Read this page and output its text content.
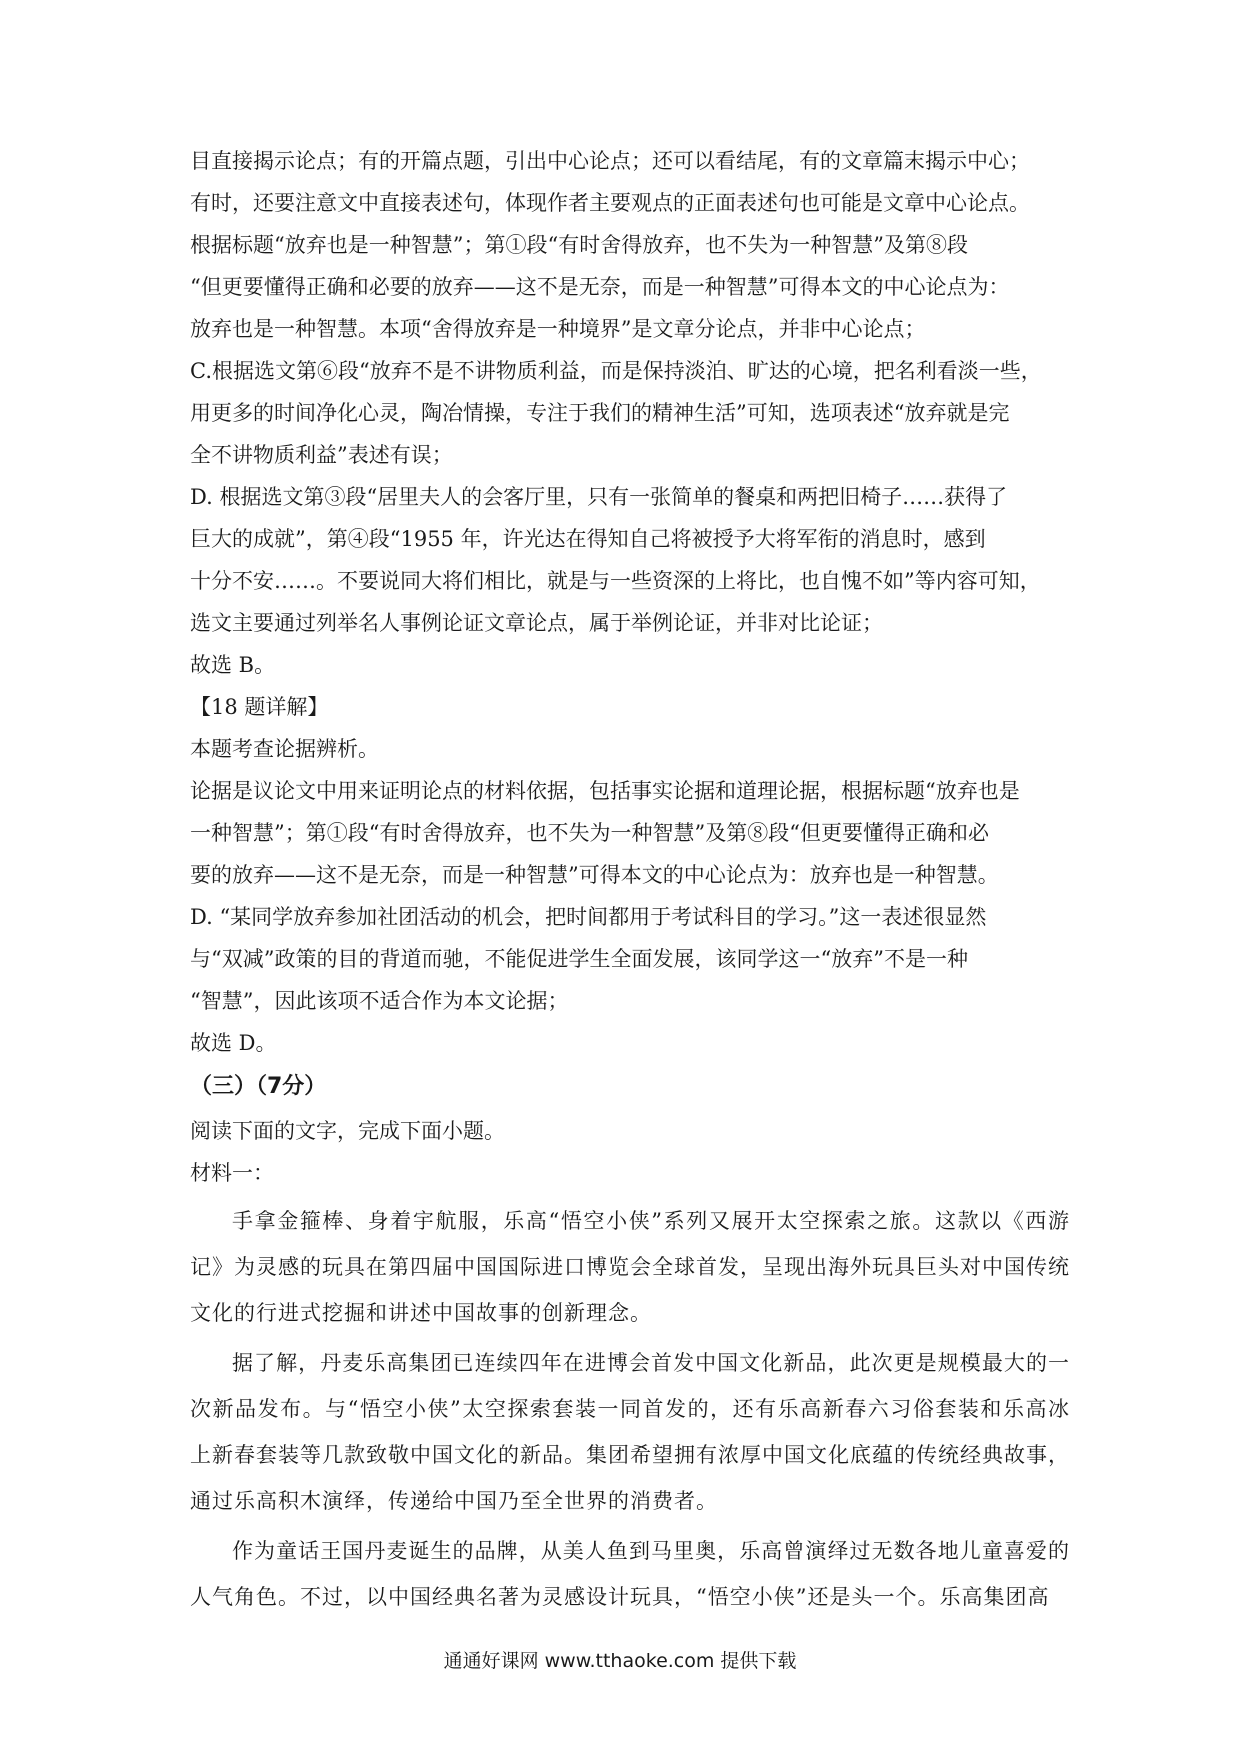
目直接揭示论点；有的开篇点题，引出中心论点；还可以看结尾，有的文章篇末揭示中心；

有时，还要注意文中直接表述句，体现作者主要观点的正面表述句也可能是文章中心论点。

根据标题“放弃也是一种智慧”；第①段“有时舍得放弃，也不失为一种智慧”及第⑧段

“但更要懂得正确和必要的放弃——这不是无奈，而是一种智慧”可得本文的中心论点为：

放弃也是一种智慧。本项“舍得放弃是一种境界”是文章分论点，并非中心论点；

C.根据选文第⑥段“放弃不是不讲物质利益，而是保持淡泊、旷达的心境，把名利看淡一些，

用更多的时间净化心灵，陶冶情操，专注于我们的精神生活”可知，选项表述“放弃就是完

全不讲物质利益”表述有误；

D. 根据选文第③段“居里夫人的会客厅里，只有一张简单的餐桌和两把旧椅子……获得了

巨大的成就”，第④段“1955 年，许光达在得知自己将被授予大将军衔的消息时，感到

十分不安……。不要说同大将们相比，就是与一些资深的上将比，也自愧不如”等内容可知，

选文主要通过列举名人事例论证文章论点，属于举例论证，并非对比论证；

故选 B。

【18 题详解】

本题考查论据辨析。

论据是议论文中用来证明论点的材料依据，包括事实论据和道理论据，根据标题“放弃也是

一种智慧”；第①段“有时舍得放弃，也不失为一种智慧”及第⑧段“但更要懂得正确和必

要的放弃——这不是无奈，而是一种智慧”可得本文的中心论点为：放弃也是一种智慧。

D. “某同学放弃参加社团活动的机会，把时间都用于考试科目的学习。”这一表述很显然

与“双减”政策的目的背道而驰，不能促进学生全面发展，该同学这一“放弃”不是一种

“智慧”，因此该项不适合作为本文论据；

故选 D。

（三）（7分）

阅读下面的文字，完成下面小题。

材料一：

手拿金箍棒、身着宇航服，乐高“悟空小侠”系列又展开太空探索之旅。这款以《西游记》为灵感的玩具在第四届中国国际进口博览会全球首发，呈现出海外玩具巨头对中国传统文化的行进式挖掘和讲述中国故事的创新理念。

据了解，丹麦乐高集团已连续四年在进博会首发中国文化新品，此次更是规模最大的一次新品发布。与“悟空小侠”太空探索套装一同首发的，还有乐高新春六习俗套装和乐高冰上新春套装等几款致敬中国文化的新品。集团希望拥有浓厚中国文化底蕴的传统经典故事，通过乐高积木演绎，传递给中国乃至全世界的消费者。

作为童话王国丹麦诞生的品牌，从美人鱼到马里奥，乐高曾演绎过无数各地儿童喜爱的人气角色。不过，以中国经典名著为灵感设计玩具，“悟空小侠”还是头一个。乐高集团高

通通好课网 www.tthaoke.com 提供下载
